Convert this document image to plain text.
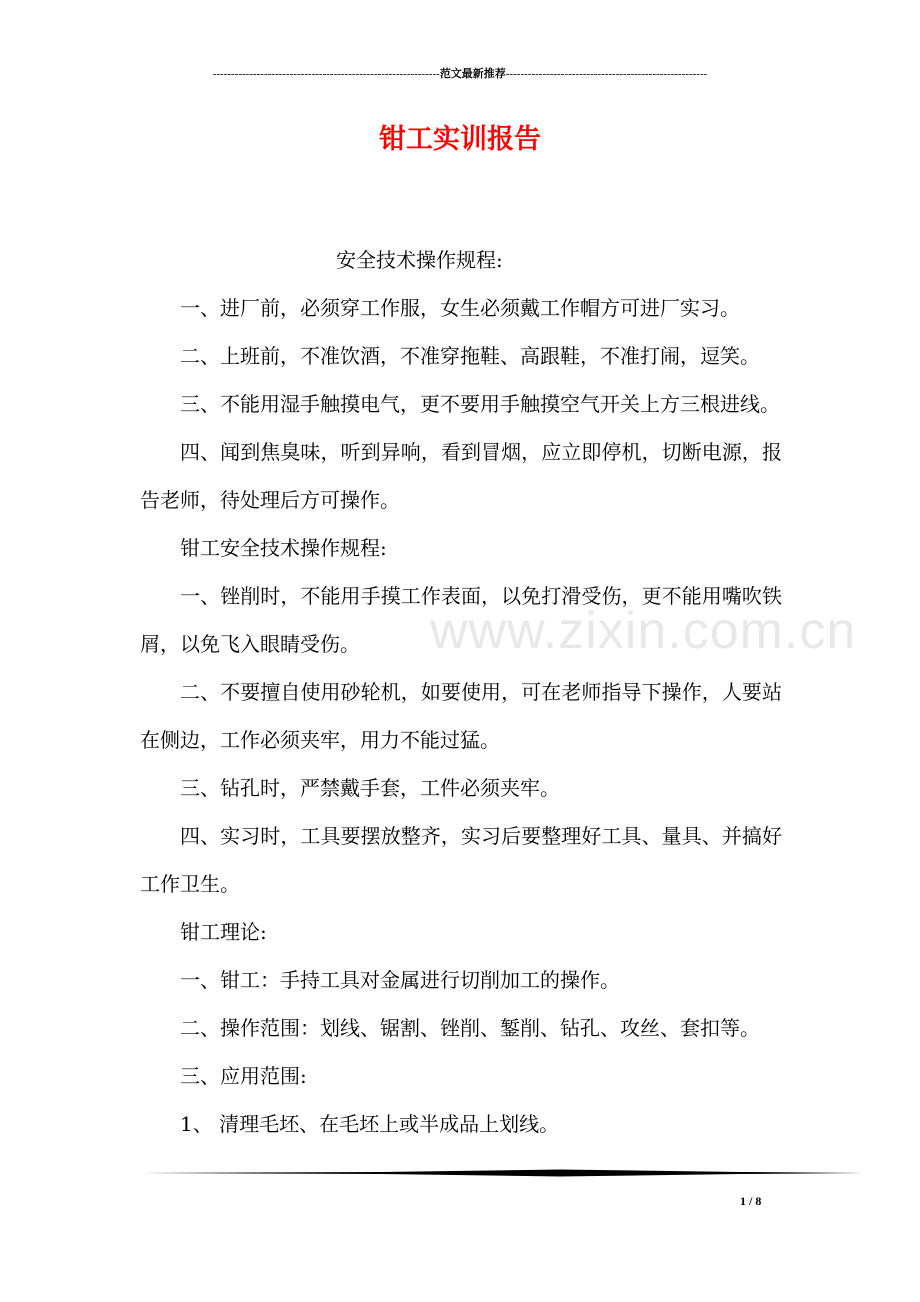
--------------------------------------------------------------范文最新推荐-------------------------------------------------------
钳工实训报告
www.zixin.com.cn

安全技术操作规程:

一、进厂前，必须穿工作服，女生必须戴工作帽方可进厂实习。

二、上班前，不准饮酒，不准穿拖鞋、高跟鞋，不准打闹，逗笑。

三、不能用湿手触摸电气，更不要用手触摸空气开关上方三根进线。

四、闻到焦臭味，听到异响，看到冒烟，应立即停机，切断电源，报告老师，待处理后方可操作。

钳工安全技术操作规程:

一、锉削时，不能用手摸工作表面，以免打滑受伤，更不能用嘴吹铁屑，以免飞入眼睛受伤。

二、不要擅自使用砂轮机，如要使用，可在老师指导下操作，人要站在侧边，工作必须夹牢，用力不能过猛。

三、钻孔时，严禁戴手套，工件必须夹牢。

四、实习时，工具要摆放整齐，实习后要整理好工具、量具、并搞好工作卫生。

钳工理论:

一、钳工：手持工具对金属进行切削加工的操作。

二、操作范围：划线、锯割、锉削、錾削、钻孔、攻丝、套扣等。

三、应用范围:

1、 清理毛坯、在毛坯上或半成品上划线。

1 / 8
